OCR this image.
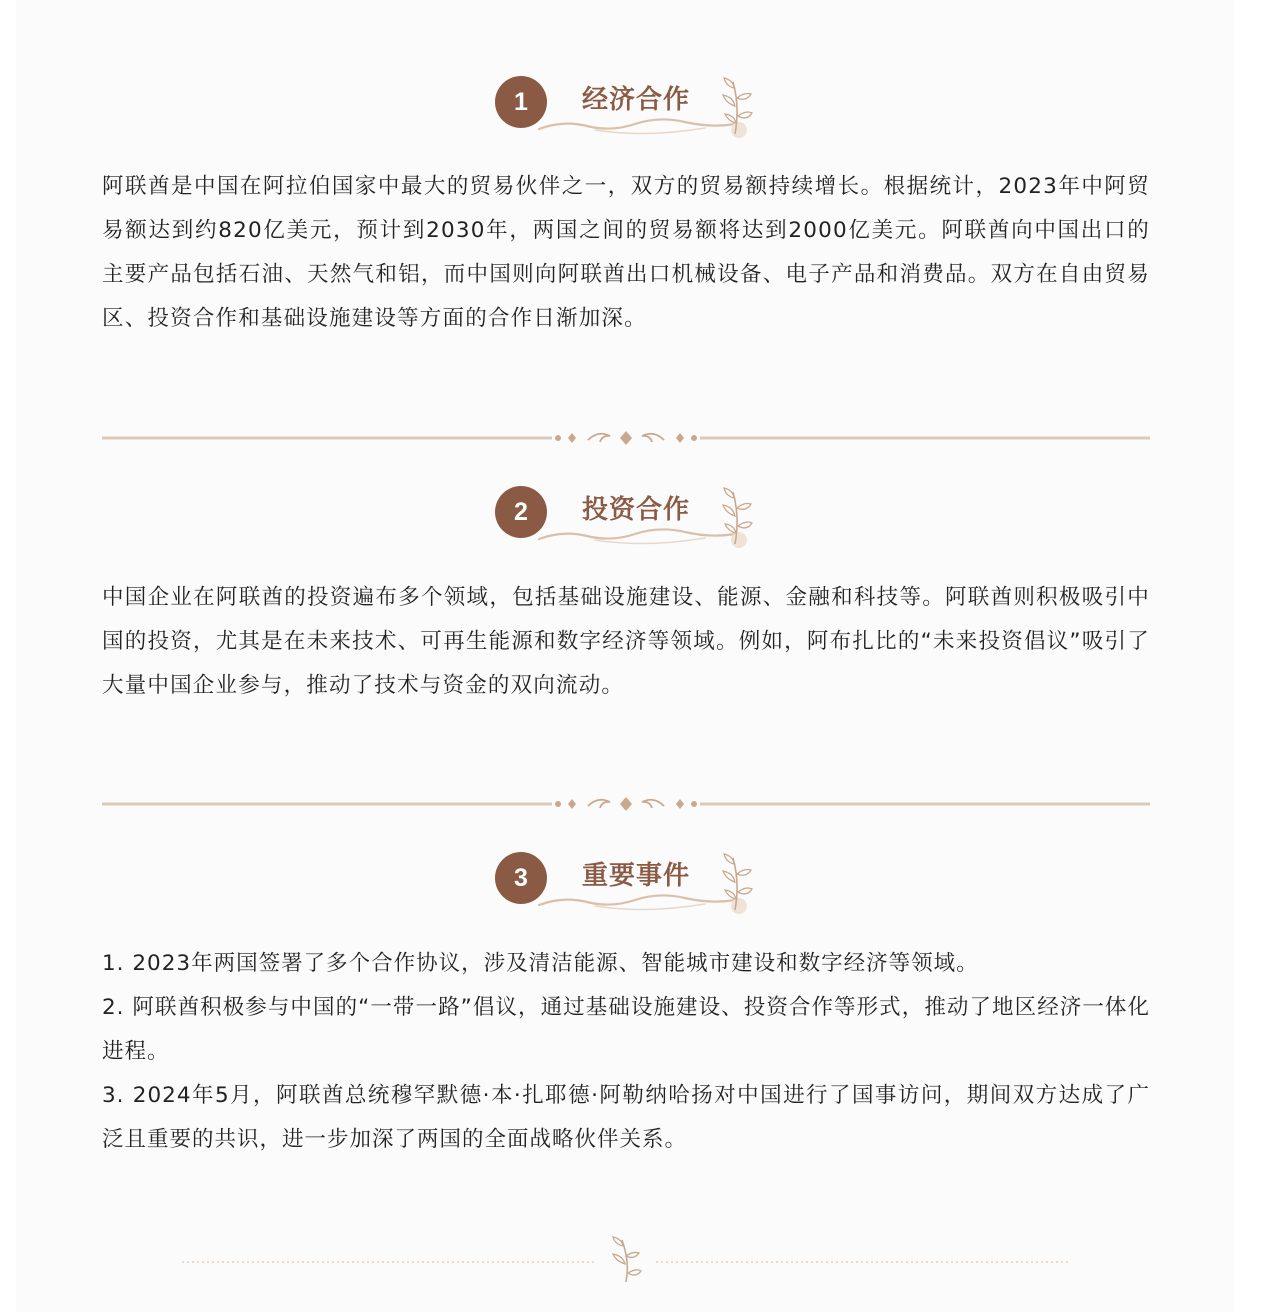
1	经济合作

阿联酋是中国在阿拉伯国家中最大的贸易伙伴之一，双方的贸易额持续增长。根据统计，2023年中阿贸易额达到约820亿美元，预计到2030年，两国之间的贸易额将达到2000亿美元。阿联酋向中国出口的主要产品包括石油、天然气和铝，而中国则向阿联酋出口机械设备、电子产品和消费品。双方在自由贸易区、投资合作和基础设施建设等方面的合作日渐加深。

2	投资合作

中国企业在阿联酋的投资遍布多个领域，包括基础设施建设、能源、金融和科技等。阿联酋则积极吸引中国的投资，尤其是在未来技术、可再生能源和数字经济等领域。例如，阿布扎比的“未来投资倡议”吸引了大量中国企业参与，推动了技术与资金的双向流动。

3	重要事件
1. 2023年两国签署了多个合作协议，涉及清洁能源、智能城市建设和数字经济等领域。
2. 阿联酋积极参与中国的“一带一路”倡议，通过基础设施建设、投资合作等形式，推动了地区经济一体化进程。
3. 2024年5月，阿联酋总统穆罕默德·本·扎耶德·阿勒纳哈扬对中国进行了国事访问，期间双方达成了广泛且重要的共识，进一步加深了两国的全面战略伙伴关系。
